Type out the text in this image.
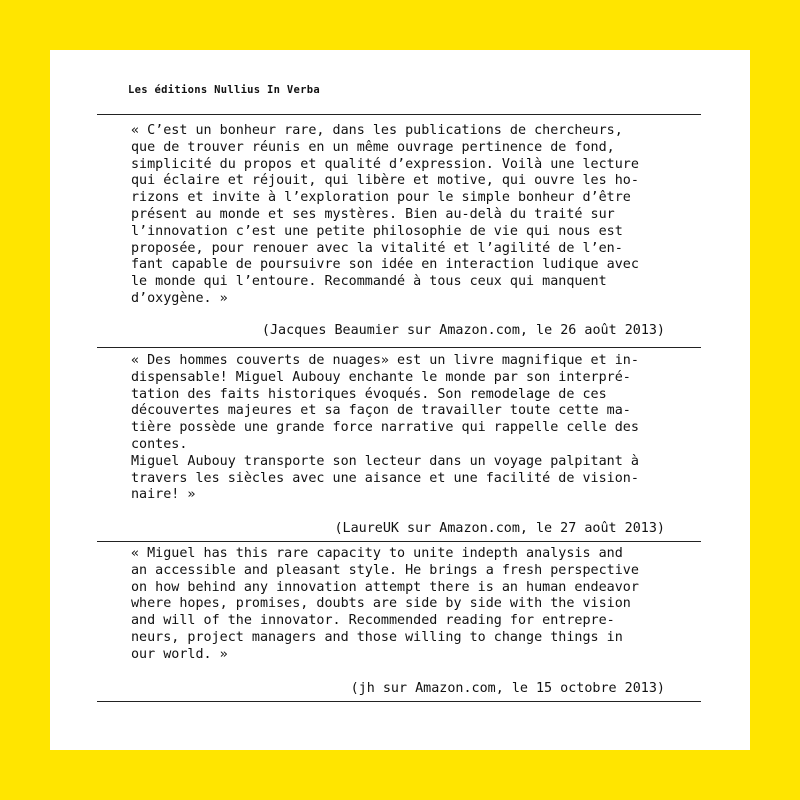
Les éditions Nullius In Verba
« C’est un bonheur rare, dans les publications de chercheurs,
que de trouver réunis en un même ouvrage pertinence de fond,
simplicité du propos et qualité d’expression. Voilà une lecture
qui éclaire et réjouit, qui libère et motive, qui ouvre les ho-
rizons et invite à l’exploration pour le simple bonheur d’être
présent au monde et ses mystères. Bien au-delà du traité sur
l’innovation c’est une petite philosophie de vie qui nous est
proposée, pour renouer avec la vitalité et l’agilité de l’en-
fant capable de poursuivre son idée en interaction ludique avec
le monde qui l’entoure. Recommandé à tous ceux qui manquent
d’oxygène. »
(Jacques Beaumier sur Amazon.com, le 26 août 2013)
« Des hommes couverts de nuages» est un livre magnifique et in-
dispensable! Miguel Aubouy enchante le monde par son interpré-
tation des faits historiques évoqués. Son remodelage de ces
découvertes majeures et sa façon de travailler toute cette ma-
tière possède une grande force narrative qui rappelle celle des
contes.
Miguel Aubouy transporte son lecteur dans un voyage palpitant à
travers les siècles avec une aisance et une facilité de vision-
naire! »
(LaureUK sur Amazon.com, le 27 août 2013)
« Miguel has this rare capacity to unite indepth analysis and
an accessible and pleasant style. He brings a fresh perspective
on how behind any innovation attempt there is an human endeavor
where hopes, promises, doubts are side by side with the vision
and will of the innovator. Recommended reading for entrepre-
neurs, project managers and those willing to change things in
our world. »
(jh sur Amazon.com, le 15 octobre 2013)
